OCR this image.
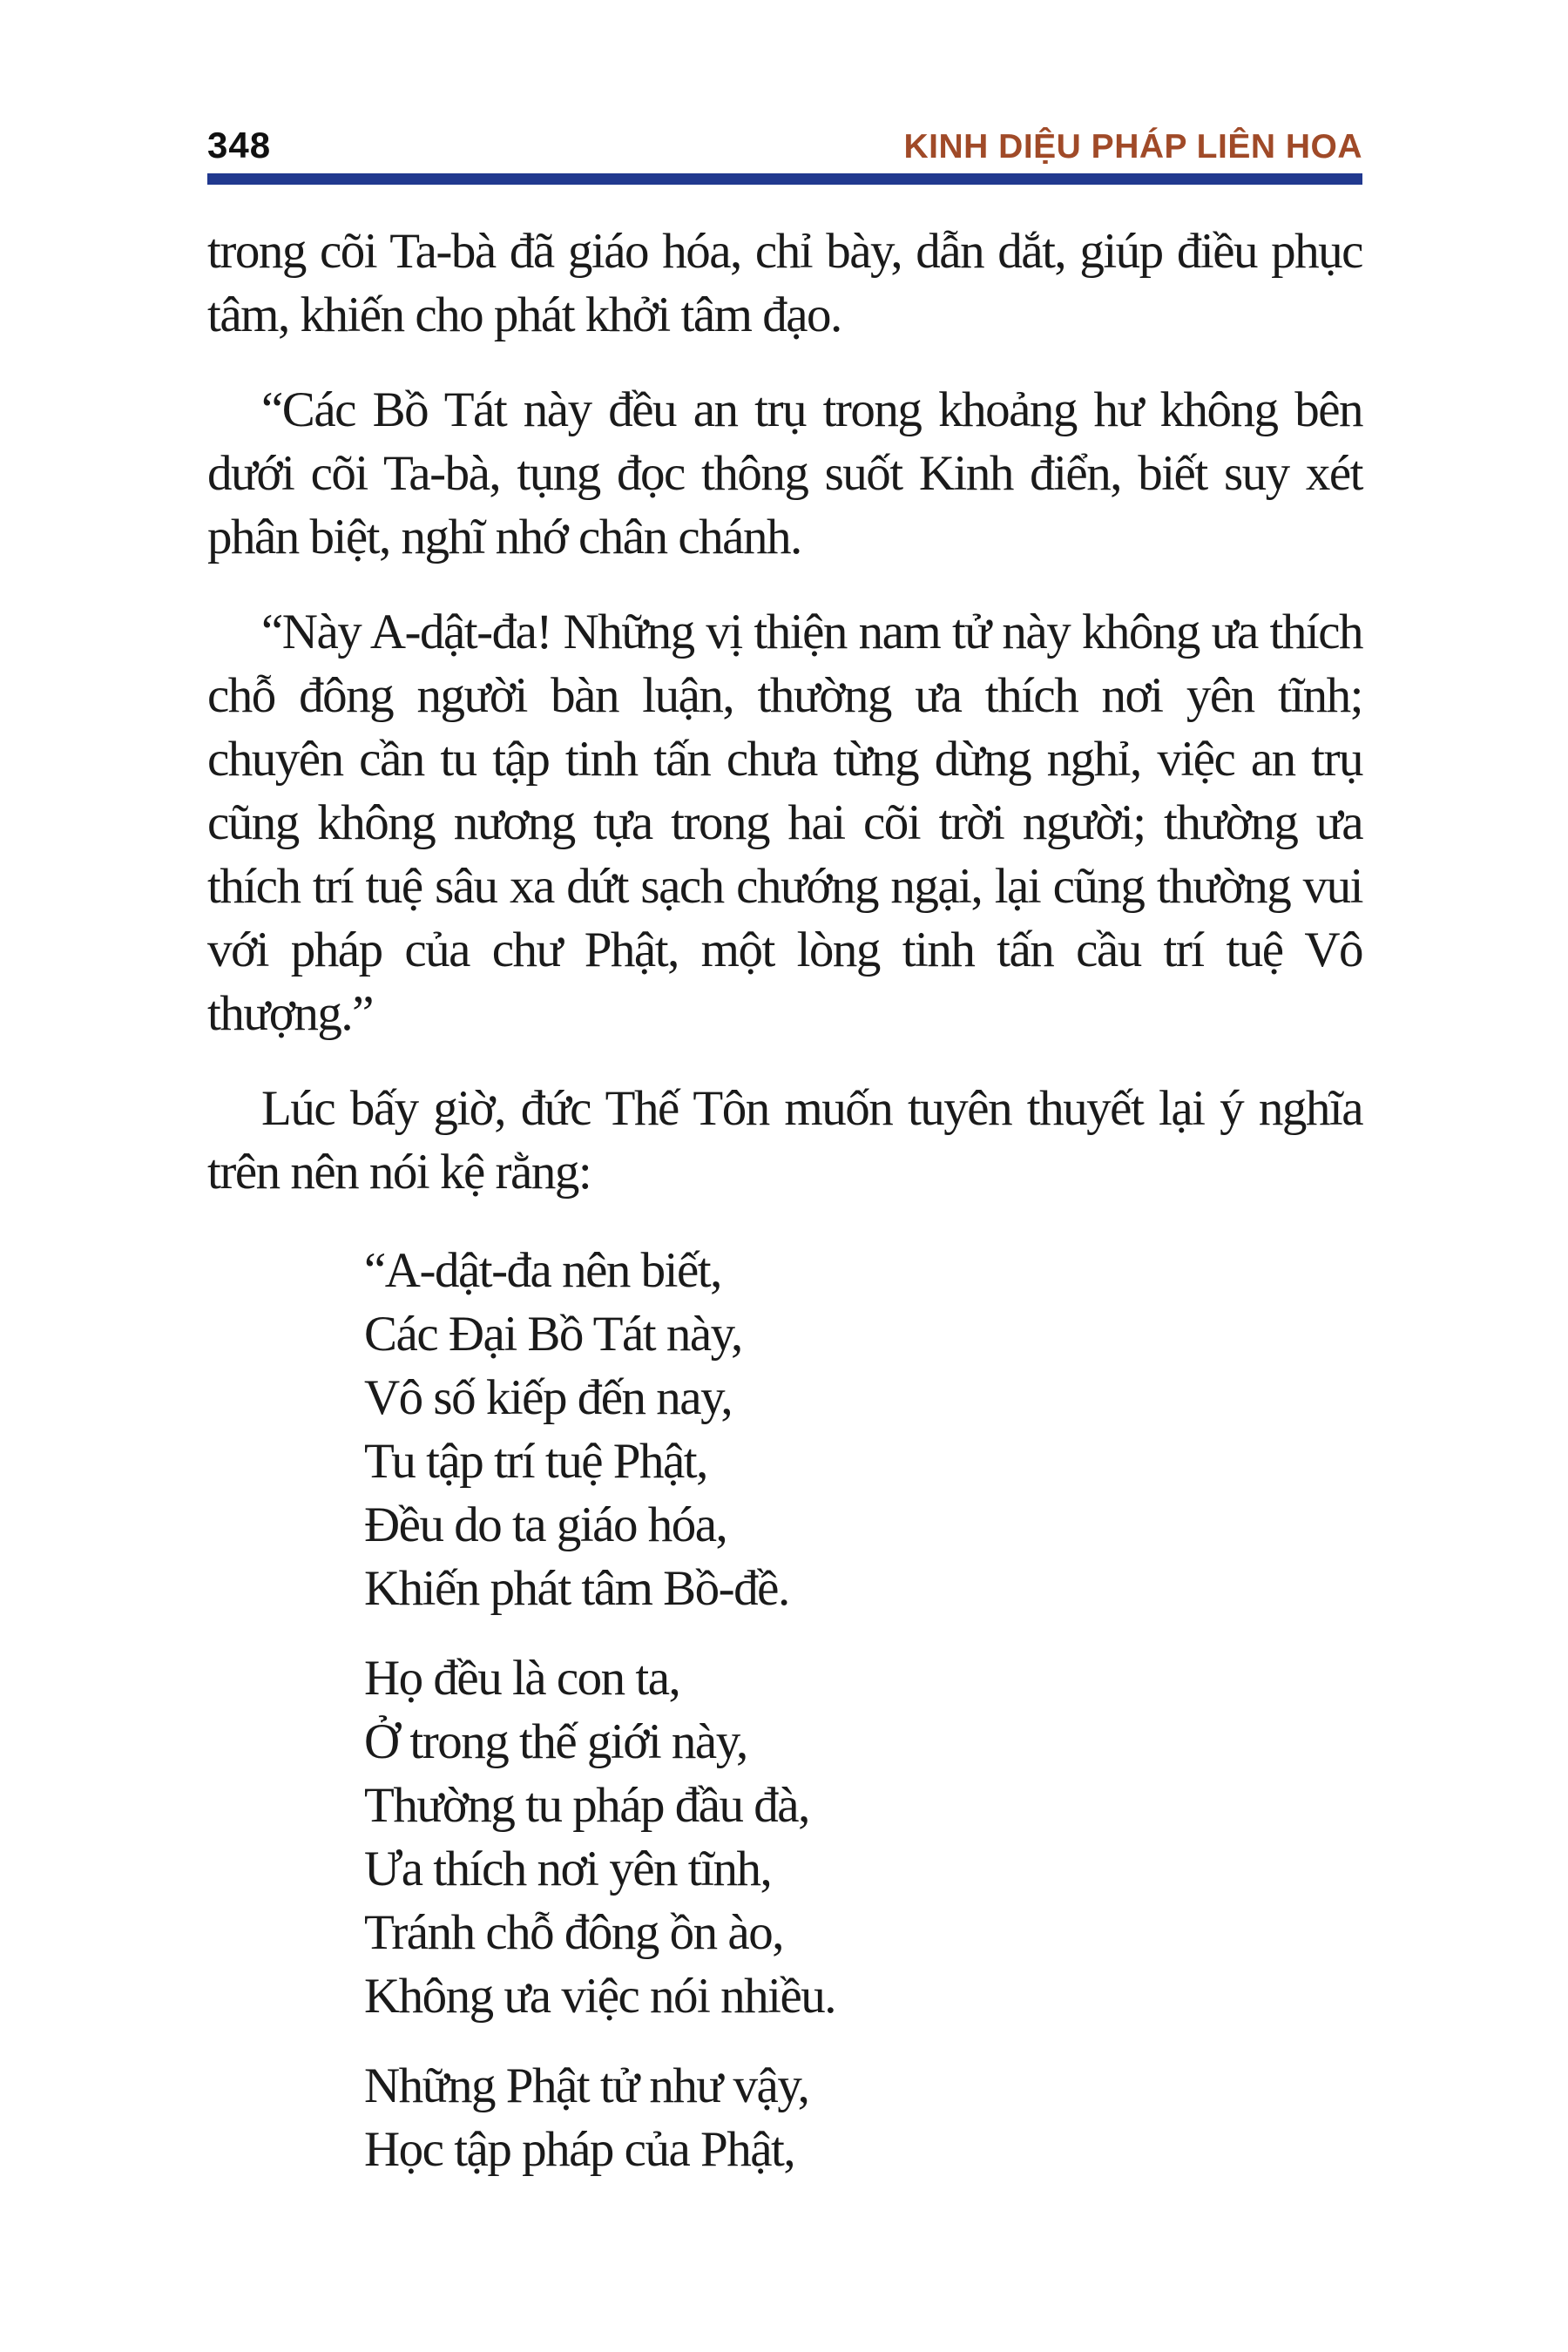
348	KINH DIỆU PHÁP LIÊN HOA

trong cõi Ta-bà đã giáo hóa, chỉ bày, dẫn dắt, giúp điều phục tâm, khiến cho phát khởi tâm đạo.

“Các Bồ Tát này đều an trụ trong khoảng hư không bên dưới cõi Ta-bà, tụng đọc thông suốt Kinh điển, biết suy xét phân biệt, nghĩ nhớ chân chánh.

“Này A-dật-đa! Những vị thiện nam tử này không ưa thích chỗ đông người bàn luận, thường ưa thích nơi yên tĩnh; chuyên cần tu tập tinh tấn chưa từng dừng nghỉ, việc an trụ cũng không nương tựa trong hai cõi trời người; thường ưa thích trí tuệ sâu xa dứt sạch chướng ngại, lại cũng thường vui với pháp của chư Phật, một lòng tinh tấn cầu trí tuệ Vô thượng.”

Lúc bấy giờ, đức Thế Tôn muốn tuyên thuyết lại ý nghĩa trên nên nói kệ rằng:

“A-dật-đa nên biết,
Các Đại Bồ Tát này,
Vô số kiếp đến nay,
Tu tập trí tuệ Phật,
Đều do ta giáo hóa,
Khiến phát tâm Bồ-đề.
Họ đều là con ta,
Ở trong thế giới này,
Thường tu pháp đầu đà,
Ưa thích nơi yên tĩnh,
Tránh chỗ đông ồn ào,
Không ưa việc nói nhiều.
Những Phật tử như vậy,
Học tập pháp của Phật,
